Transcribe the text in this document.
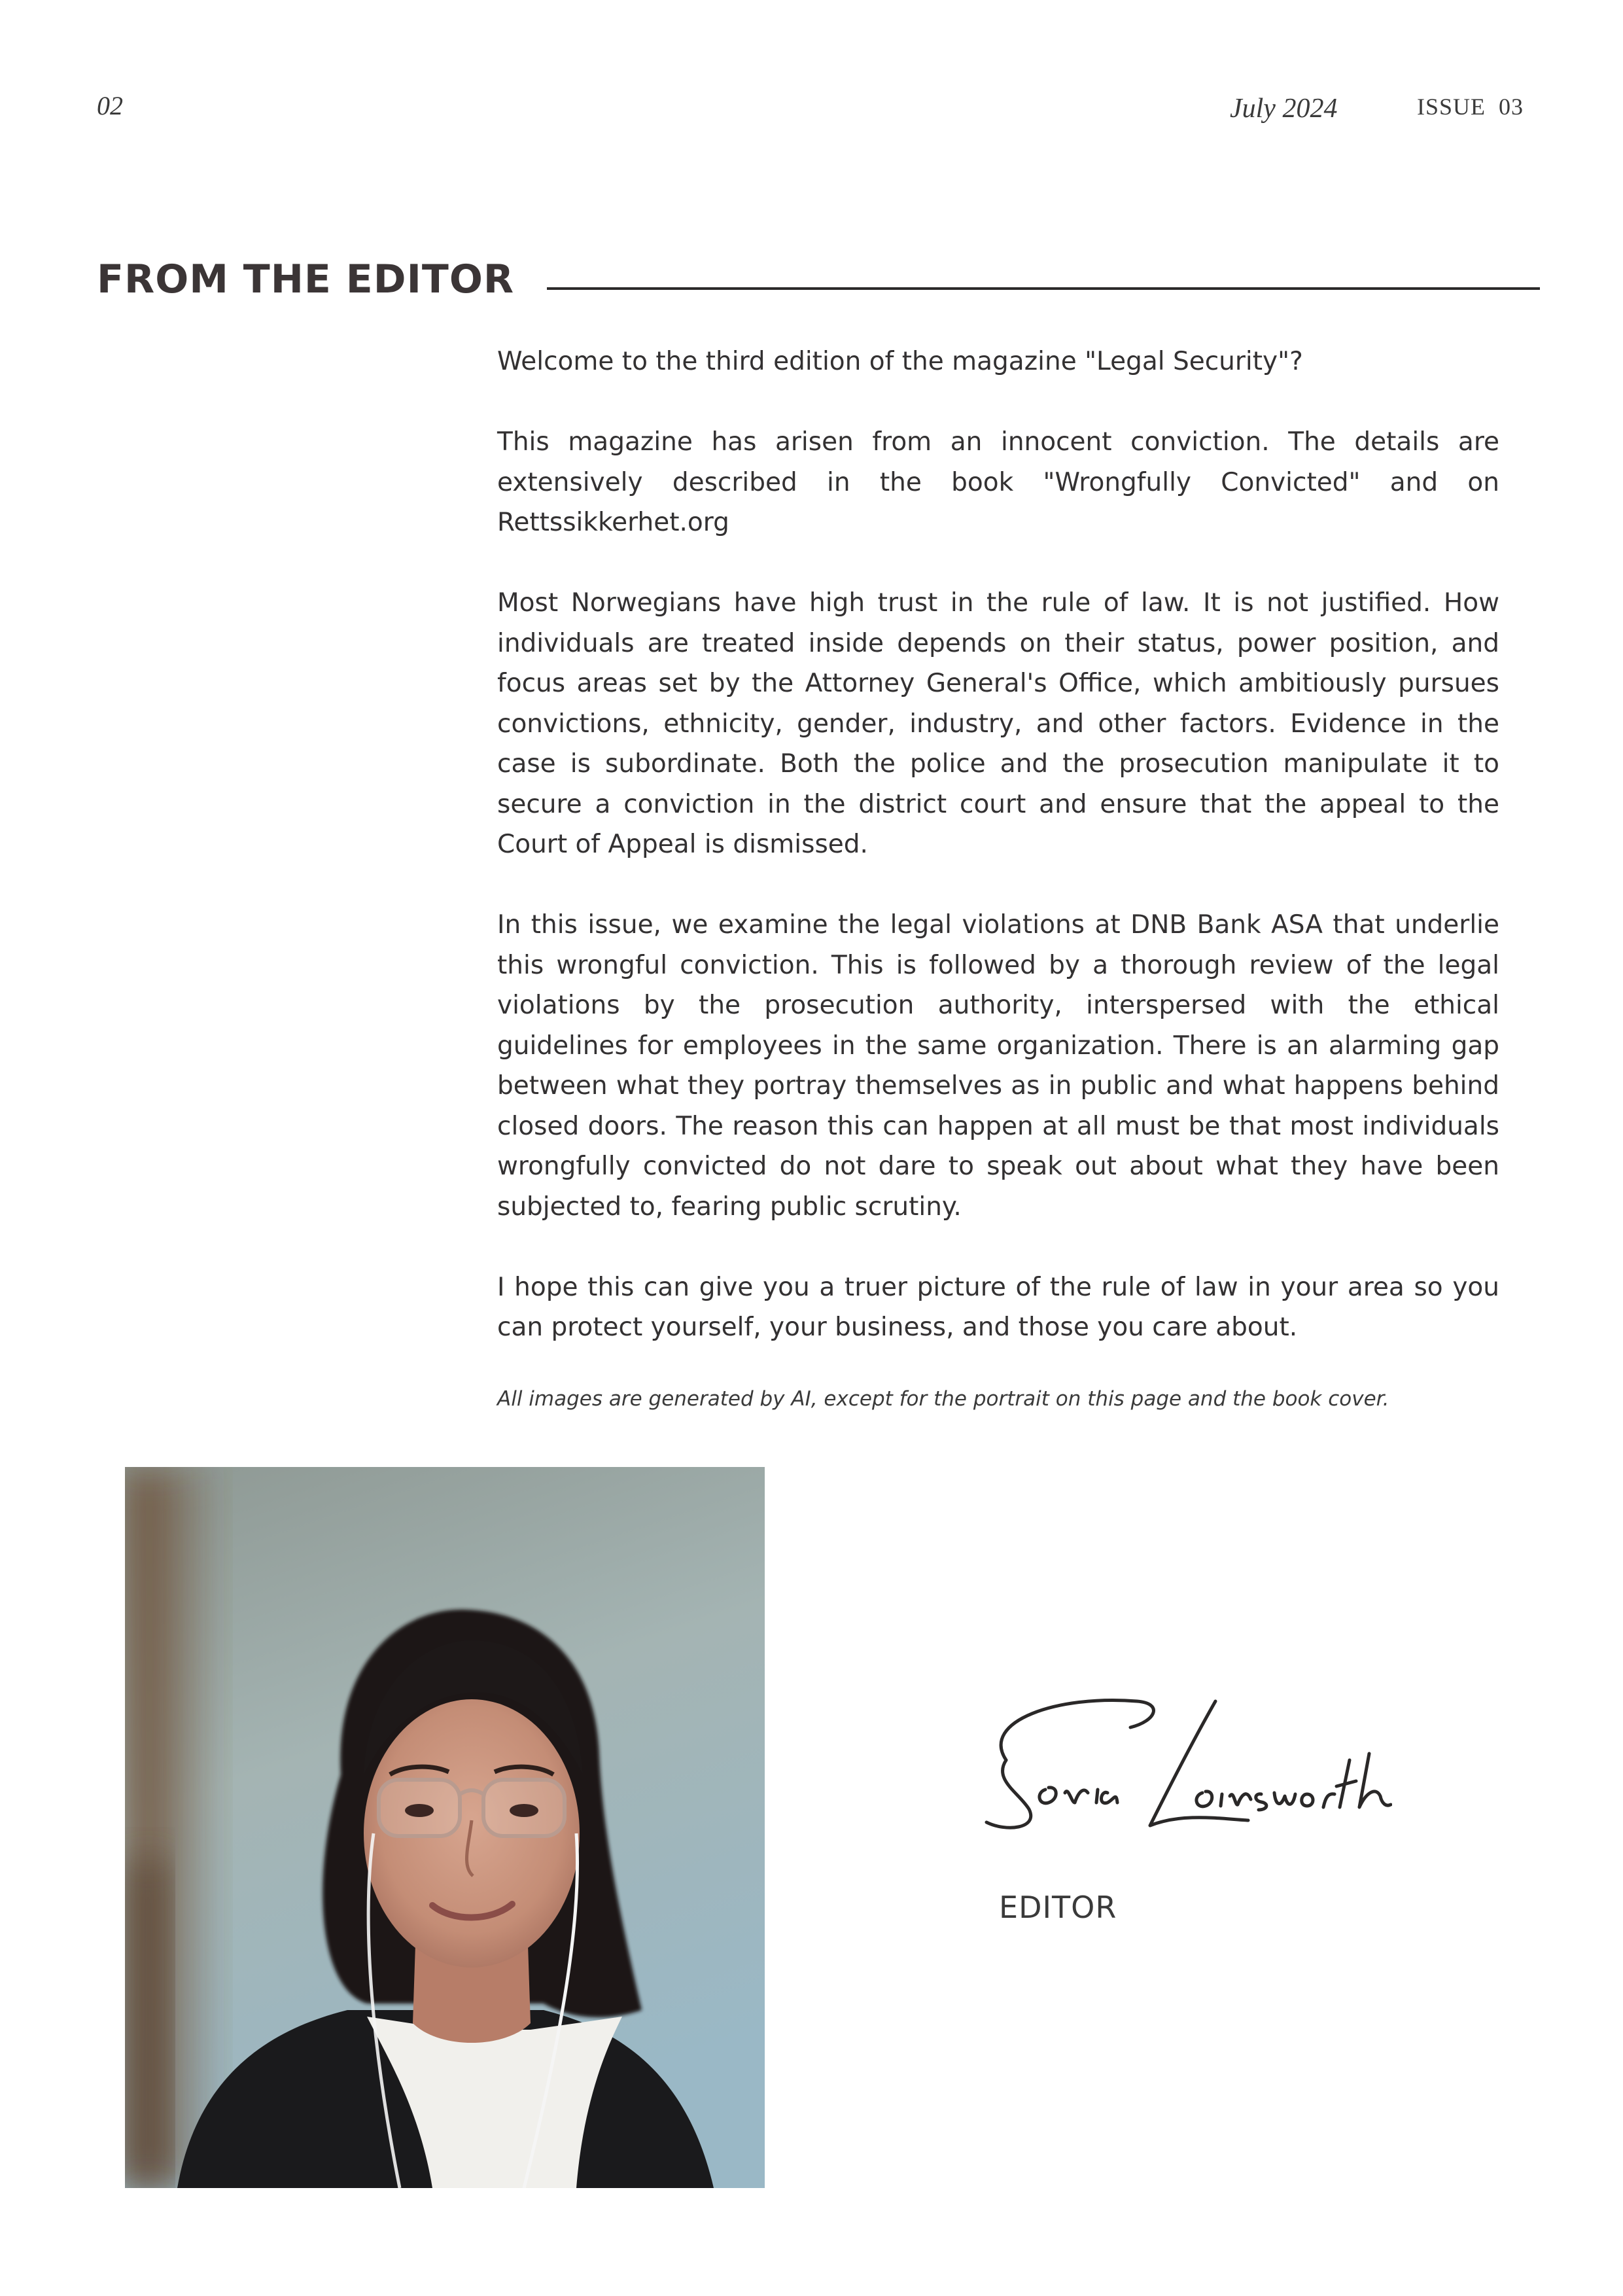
02	July 2024	ISSUE  03
FROM THE EDITOR

Welcome to the third edition of the magazine "Legal Security"?

This magazine has arisen from an innocent conviction. The details are extensively described in the book "Wrongfully Convicted" and on Rettssikkerhet.org

Most Norwegians have high trust in the rule of law. It is not justified. How individuals are treated inside depends on their status, power position, and focus areas set by the Attorney General's Office, which ambitiously pursues convictions, ethnicity, gender, industry, and other factors. Evidence in the case is subordinate. Both the police and the prosecution manipulate it to secure a conviction in the district court and ensure that the appeal to the Court of Appeal is dismissed.

In this issue, we examine the legal violations at DNB Bank ASA that underlie this wrongful conviction. This is followed by a thorough review of the legal violations by the prosecution authority, interspersed with the ethical guidelines for employees in the same organization. There is an alarming gap between what they portray themselves as in public and what happens behind closed doors. The reason this can happen at all must be that most individuals wrongfully convicted do not dare to speak out about what they have been subjected to, fearing public scrutiny.

I hope this can give you a truer picture of the rule of law in your area so you can protect yourself, your business, and those you care about.

All images are generated by AI, except for the portrait on this page and the book cover.
EDITOR
